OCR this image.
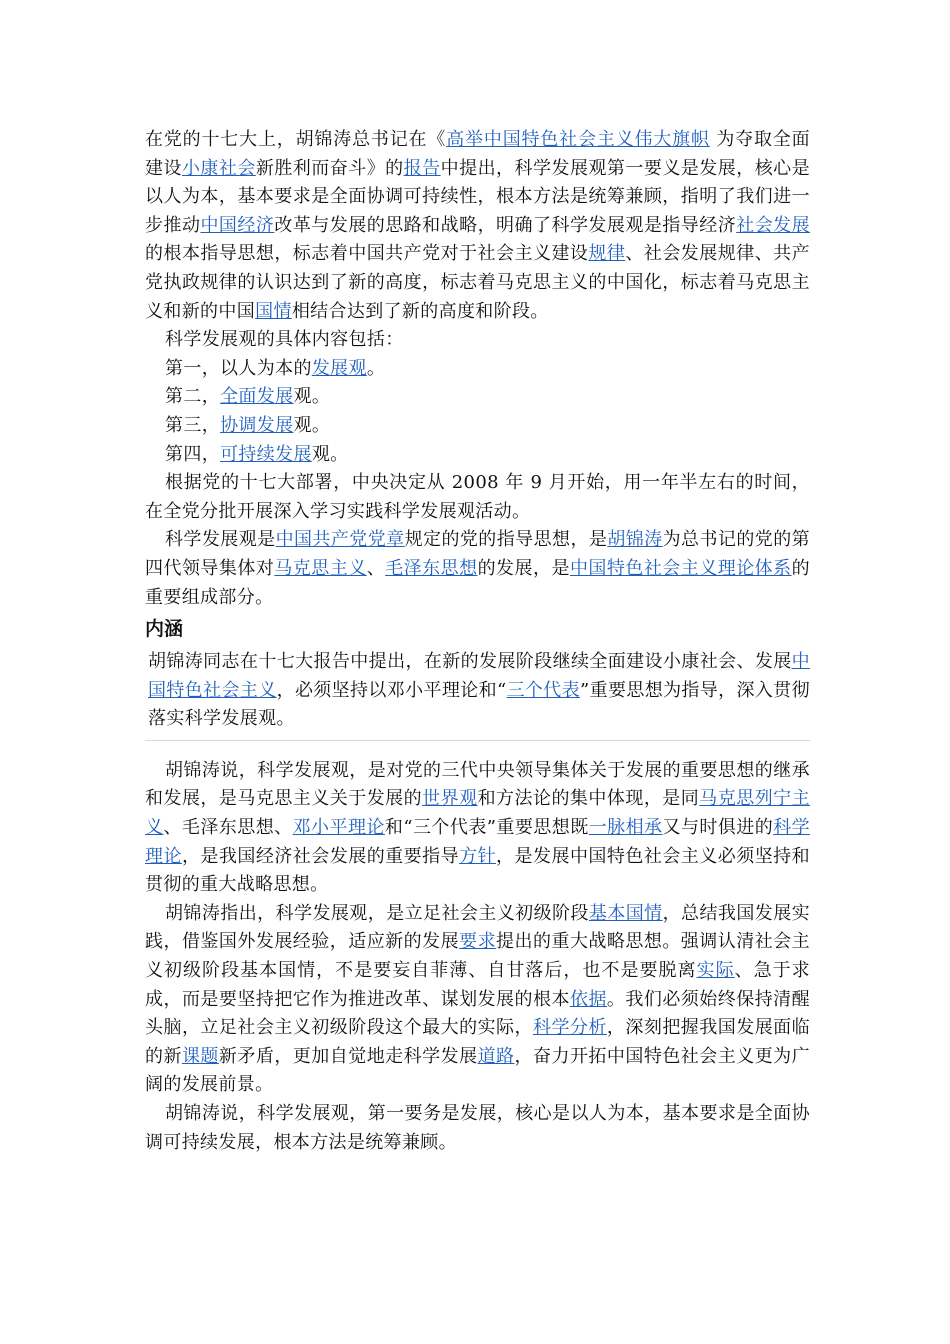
在党的十七大上，胡锦涛总书记在《高举中国特色社会主义伟大旗帜 为夺取全面建设小康社会新胜利而奋斗》的报告中提出，科学发展观第一要义是发展，核心是以人为本，基本要求是全面协调可持续性，根本方法是统筹兼顾，指明了我们进一步推动中国经济改革与发展的思路和战略，明确了科学发展观是指导经济社会发展的根本指导思想，标志着中国共产党对于社会主义建设规律、社会发展规律、共产党执政规律的认识达到了新的高度，标志着马克思主义的中国化，标志着马克思主义和新的中国国情相结合达到了新的高度和阶段。

科学发展观的具体内容包括：

第一，以人为本的发展观。

第二，全面发展观。

第三，协调发展观。

第四，可持续发展观。

根据党的十七大部署，中央决定从 2008 年 9 月开始，用一年半左右的时间，在全党分批开展深入学习实践科学发展观活动。

科学发展观是中国共产党党章规定的党的指导思想，是胡锦涛为总书记的党的第四代领导集体对马克思主义、毛泽东思想的发展，是中国特色社会主义理论体系的重要组成部分。

内涵

胡锦涛同志在十七大报告中提出，在新的发展阶段继续全面建设小康社会、发展中国特色社会主义，必须坚持以邓小平理论和“三个代表”重要思想为指导，深入贯彻落实科学发展观。

胡锦涛说，科学发展观，是对党的三代中央领导集体关于发展的重要思想的继承和发展，是马克思主义关于发展的世界观和方法论的集中体现，是同马克思列宁主义、毛泽东思想、邓小平理论和“三个代表”重要思想既一脉相承又与时俱进的科学理论，是我国经济社会发展的重要指导方针，是发展中国特色社会主义必须坚持和贯彻的重大战略思想。

胡锦涛指出，科学发展观，是立足社会主义初级阶段基本国情，总结我国发展实践，借鉴国外发展经验，适应新的发展要求提出的重大战略思想。强调认清社会主义初级阶段基本国情，不是要妄自菲薄、自甘落后，也不是要脱离实际、急于求成，而是要坚持把它作为推进改革、谋划发展的根本依据。我们必须始终保持清醒头脑，立足社会主义初级阶段这个最大的实际，科学分析，深刻把握我国发展面临的新课题新矛盾，更加自觉地走科学发展道路，奋力开拓中国特色社会主义更为广阔的发展前景。

胡锦涛说，科学发展观，第一要务是发展，核心是以人为本，基本要求是全面协调可持续发展，根本方法是统筹兼顾。
